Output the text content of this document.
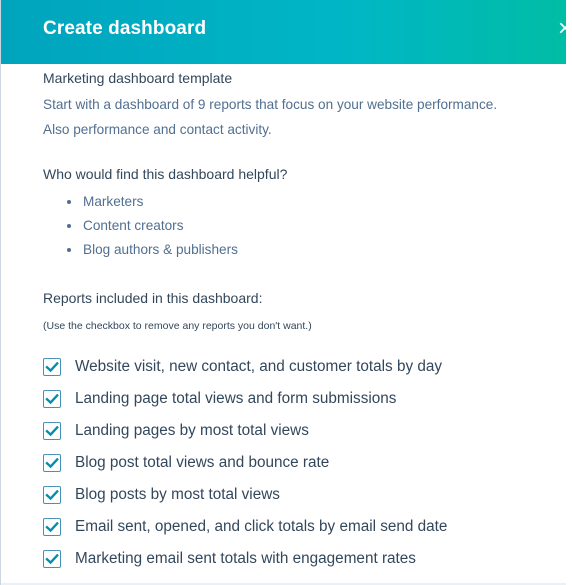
Create dashboard	×
Marketing dashboard template
Start with a dashboard of 9 reports that focus on your website performance.
Also performance and contact activity.
Who would find this dashboard helpful?
Marketers
Content creators
Blog authors & publishers
Reports included in this dashboard:
(Use the checkbox to remove any reports you don't want.)
Website visit, new contact, and customer totals by day
Landing page total views and form submissions
Landing pages by most total views
Blog post total views and bounce rate
Blog posts by most total views
Email sent, opened, and click totals by email send date
Marketing email sent totals with engagement rates
